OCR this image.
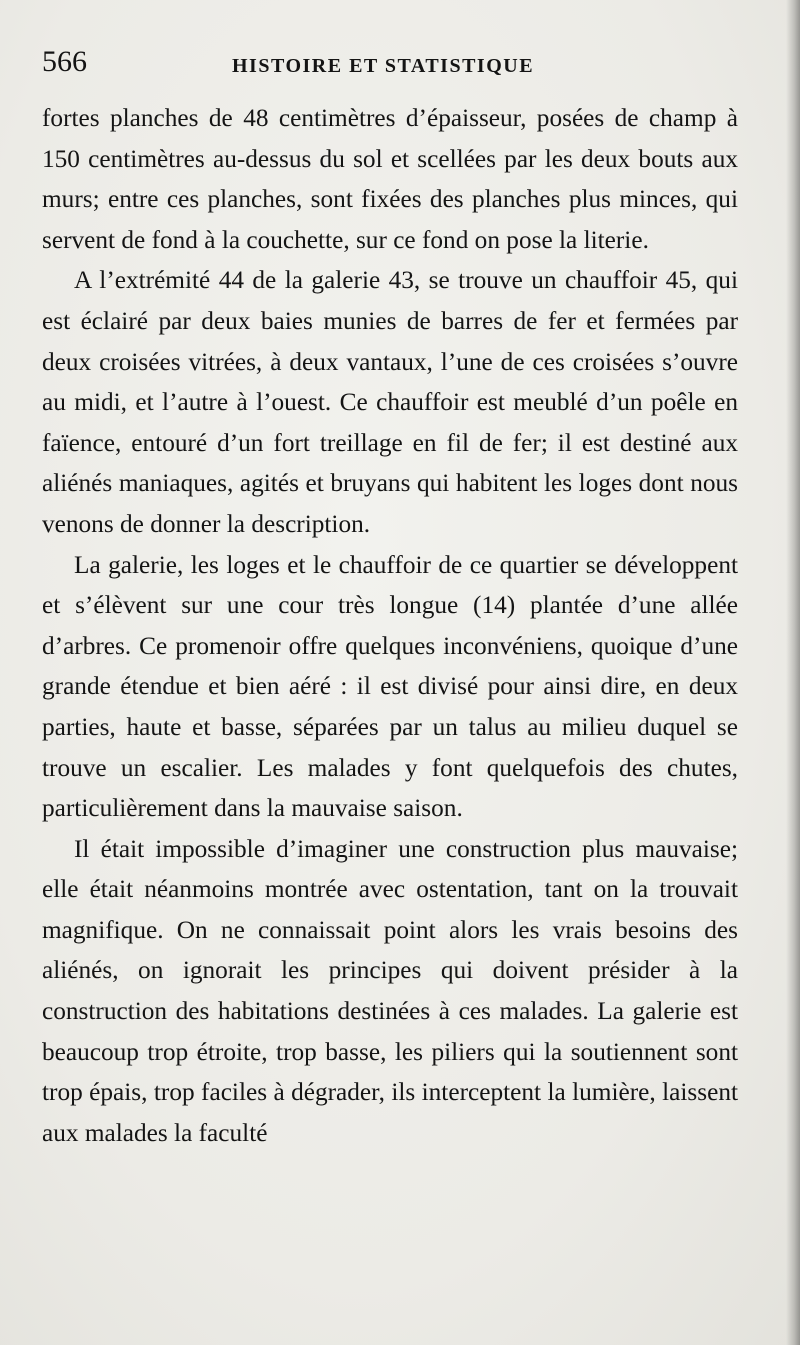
566	HISTOIRE ET STATISTIQUE

fortes planches de 48 centimètres d’épaisseur, posées de champ à 150 centimètres au-dessus du sol et scellées par les deux bouts aux murs; entre ces planches, sont fixées des planches plus minces, qui servent de fond à la couchette, sur ce fond on pose la literie.

A l’extrémité 44 de la galerie 43, se trouve un chauffoir 45, qui est éclairé par deux baies munies de barres de fer et fermées par deux croisées vitrées, à deux vantaux, l’une de ces croisées s’ouvre au midi, et l’autre à l’ouest. Ce chauffoir est meublé d’un poêle en faïence, entouré d’un fort treillage en fil de fer; il est destiné aux aliénés maniaques, agités et bruyans qui habitent les loges dont nous venons de donner la description.

La galerie, les loges et le chauffoir de ce quartier se développent et s’élèvent sur une cour très longue (14) plantée d’une allée d’arbres. Ce promenoir offre quelques inconvéniens, quoique d’une grande étendue et bien aéré : il est divisé pour ainsi dire, en deux parties, haute et basse, séparées par un talus au milieu duquel se trouve un escalier. Les malades y font quelquefois des chutes, particulièrement dans la mauvaise saison.

Il était impossible d’imaginer une construction plus mauvaise; elle était néanmoins montrée avec ostentation, tant on la trouvait magnifique. On ne connaissait point alors les vrais besoins des aliénés, on ignorait les principes qui doivent présider à la construction des habitations destinées à ces malades. La galerie est beaucoup trop étroite, trop basse, les piliers qui la soutiennent sont trop épais, trop faciles à dégrader, ils interceptent la lumière, laissent aux malades la faculté
